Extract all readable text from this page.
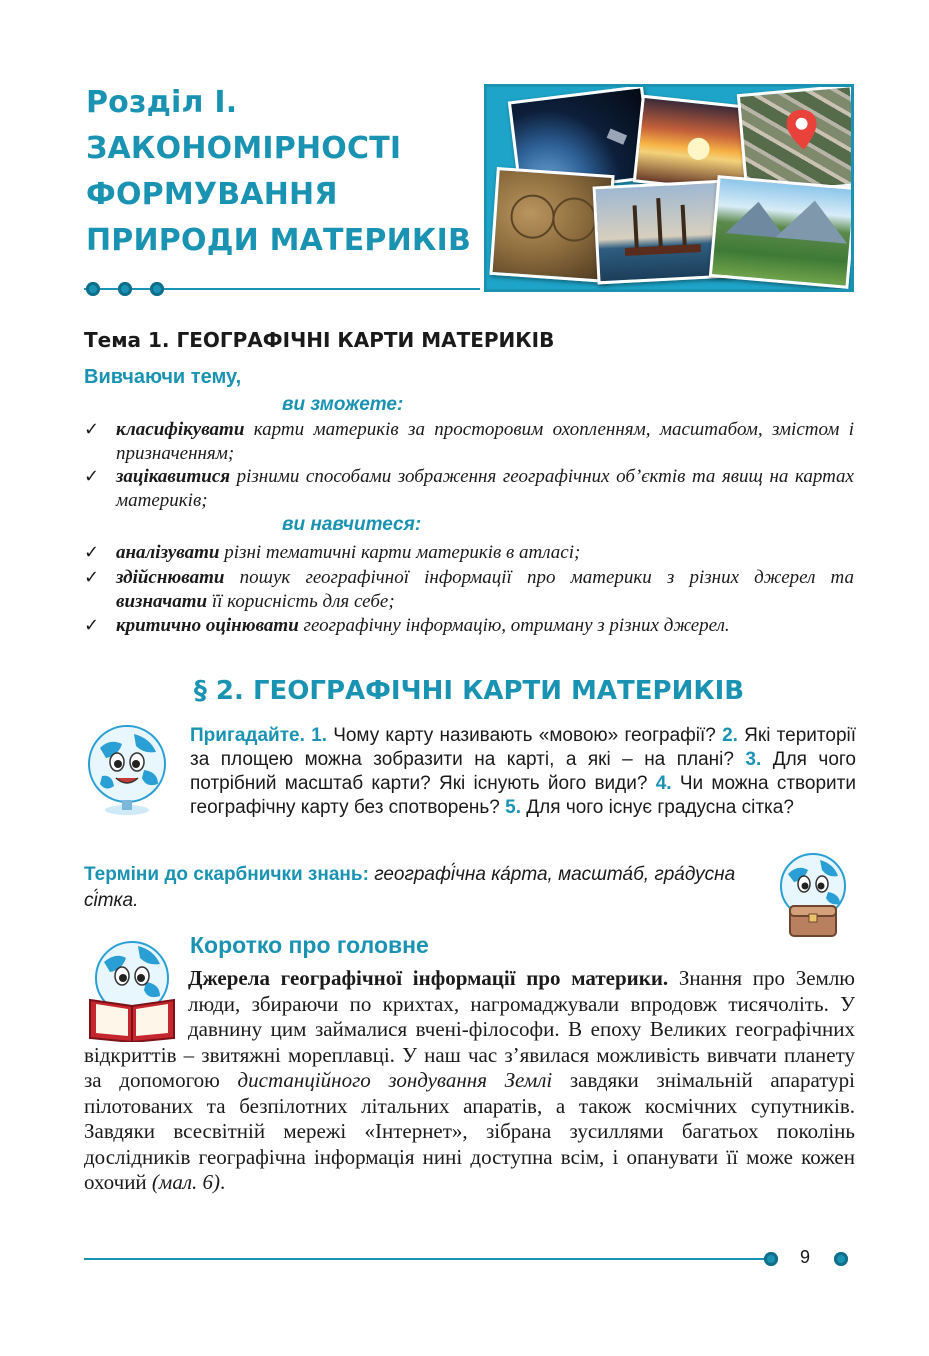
Розділ І.
ЗАКОНОМІРНОСТІ
ФОРМУВАННЯ
ПРИРОДИ МАТЕРИКІВ
Тема 1. ГЕОГРАФІЧНІ КАРТИ МАТЕРИКІВ
Вивчаючи тему,
ви зможете:
✓ класифікувати карти материків за просторовим охопленням, масштабом, змістом і призначенням;
✓ зацікавитися різними способами зображення географічних об’єктів та явищ на картах материків;
ви навчитеся:
✓ аналізувати різні тематичні карти материків в атласі;
✓ здійснювати пошук географічної інформації про материки з різних джерел та визначати її корисність для себе;
✓ критично оцінювати географічну інформацію, отриману з різних джерел.
§ 2. ГЕОГРАФІЧНІ КАРТИ МАТЕРИКІВ
Пригадайте. 1. Чому карту називають «мовою» географії? 2. Які території за площею можна зобразити на карті, а які – на плані? 3. Для чого потрібний масштаб карти? Які існують його види? 4. Чи можна створити географічну карту без спотворень? 5. Для чого існує градусна сітка?
Терміни до скарбнички знань: географі́чна ка́рта, масшта́б, гра́дусна сі́тка.
Коротко про головне
Джерела географічної інформації про материки. Знання про Землю люди, збираючи по крихтах, нагромаджували впродовж тисячоліть. У давнину цим займалися вчені-філософи. В епоху Великих географічних відкриттів – звитяжні мореплавці. У наш час з’явилася можливість вивчати планету за допомогою дистанційного зондування Землі завдяки знімальній апаратурі пілотованих та безпілотних літальних апаратів, а також космічних супутників. Завдяки всесвітній мережі «Інтернет», зібрана зусиллями багатьох поколінь дослідників географічна інформація нині доступна всім, і опанувати її може кожен охочий (мал. 6).
9
